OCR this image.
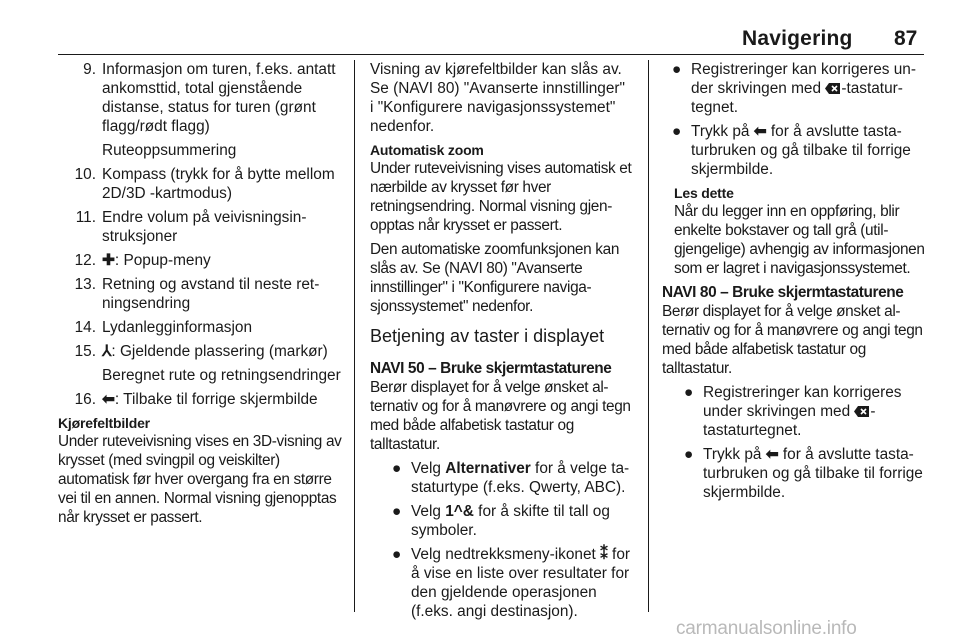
Navigering 87
9. Informasjon om turen, f.eks. antatt ankomsttid, total gjenstående distanse, status for turen (grønt flagg/rødt flagg)
Ruteoppsummering
10. Kompass (trykk for å bytte mellom 2D/3D -kartmodus)
11. Endre volum på veivisningsinstruksjoner
12. ✚: Popup-meny
13. Retning og avstand til neste retningsendring
14. Lydanlegginformasjon
15. ⅄: Gjeldende plassering (markør)
Beregnet rute og retningsendringer
16. ⬅: Tilbake til forrige skjermbilde
Kjørefeltbilder

Under ruteveivisning vises en 3D-visning av krysset (med svingpil og veiskilter) automatisk før hver overgang fra en større vei til en annen. Normal visning gjenopptas når krysset er passert.

Visning av kjørefeltbilder kan slås av. Se (NAVI 80) "Avanserte innstillinger" i "Konfigurere navigasjonssystemet" nedenfor.

Automatisk zoom

Under ruteveivisning vises automatisk et nærbilde av krysset før hver retningsendring. Normal visning gjenopptas når krysset er passert.

Den automatiske zoomfunksjonen kan slås av. Se (NAVI 80) "Avanserte innstillinger" i "Konfigurere navigasjonssystemet" nedenfor.

Betjening av taster i displayet
NAVI 50 – Bruke skjermtastaturene

Berør displayet for å velge ønsket alternativ og for å manøvrere og angi tegn med både alfabetisk tastatur og talltastatur.

● Velg Alternativer for å velge tastaturtype (f.eks. Qwerty, ABC).
● Velg 1^& for å skifte til tall og symboler.
● Velg nedtrekksmeny-ikonet ⁑ for å vise en liste over resultater for den gjeldende operasjonen (f.eks. angi destinasjon).
● Registreringer kan korrigeres under skrivingen med
-tastaturtegnet.
● Trykk på ⬅ for å avslutte tastaturbruken og gå tilbake til forrige skjermbilde.
Les dette
Når du legger inn en oppføring, blir enkelte bokstaver og tall grå (utilgjengelige) avhengig av informasjonen som er lagret i navigasjonssystemet.
NAVI 80 – Bruke skjermtastaturene

Berør displayet for å velge ønsket alternativ og for å manøvrere og angi tegn med både alfabetisk tastatur og talltastatur.

● Registreringer kan korrigeres under skrivingen med
-tastaturtegnet.
● Trykk på ⬅ for å avslutte tastaturbruken og gå tilbake til forrige skjermbilde.
carmanualsonline.info
